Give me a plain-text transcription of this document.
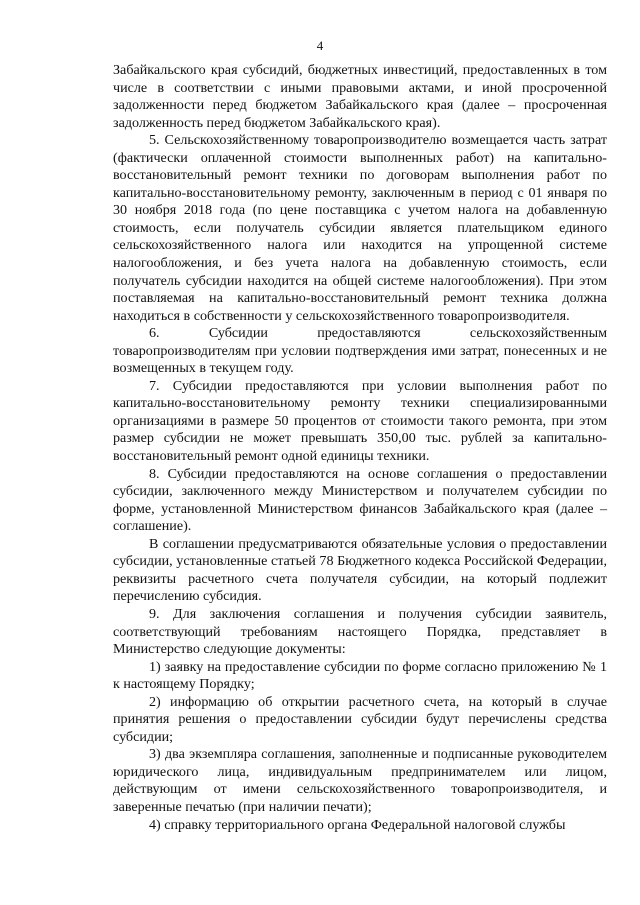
4

Забайкальского края субсидий, бюджетных инвестиций, предоставленных в том числе в соответствии с иными правовыми актами, и иной просроченной задолженности перед бюджетом Забайкальского края (далее – просроченная задолженность перед бюджетом Забайкальского края).

5. Сельскохозяйственному товаропроизводителю возмещается часть затрат (фактически оплаченной стоимости выполненных работ) на капитально-восстановительный ремонт техники по договорам выполнения работ по капитально-восстановительному ремонту, заключенным в период с 01 января по 30 ноября 2018 года (по цене поставщика с учетом налога на добавленную стоимость, если получатель субсидии является плательщиком единого сельскохозяйственного налога или находится на упрощенной системе налогообложения, и без учета налога на добавленную стоимость, если получатель субсидии находится на общей системе налогообложения). При этом поставляемая на капитально-восстановительный ремонт техника должна находиться в собственности у сельскохозяйственного товаропроизводителя.

6. Субсидии предоставляются сельскохозяйственным товаропроизводителям при условии подтверждения ими затрат, понесенных и не возмещенных в текущем году.

7. Субсидии предоставляются при условии выполнения работ по капитально-восстановительному ремонту техники специализированными организациями в размере 50 процентов от стоимости такого ремонта, при этом размер субсидии не может превышать 350,00 тыс. рублей за капитально-восстановительный ремонт одной единицы техники.

8. Субсидии предоставляются на основе соглашения о предоставлении субсидии, заключенного между Министерством и получателем субсидии по форме, установленной Министерством финансов Забайкальского края (далее – соглашение).

В соглашении предусматриваются обязательные условия о предоставлении субсидии, установленные статьей 78 Бюджетного кодекса Российской Федерации, реквизиты расчетного счета получателя субсидии, на который подлежит перечислению субсидия.

9. Для заключения соглашения и получения субсидии заявитель, соответствующий требованиям настоящего Порядка, представляет в Министерство следующие документы:

1) заявку на предоставление субсидии по форме согласно приложению № 1 к настоящему Порядку;

2) информацию об открытии расчетного счета, на который в случае принятия решения о предоставлении субсидии будут перечислены средства субсидии;

3) два экземпляра соглашения, заполненные и подписанные руководителем юридического лица, индивидуальным предпринимателем или лицом, действующим от имени сельскохозяйственного товаропроизводителя, и заверенные печатью (при наличии печати);

4) справку территориального органа Федеральной налоговой службы
